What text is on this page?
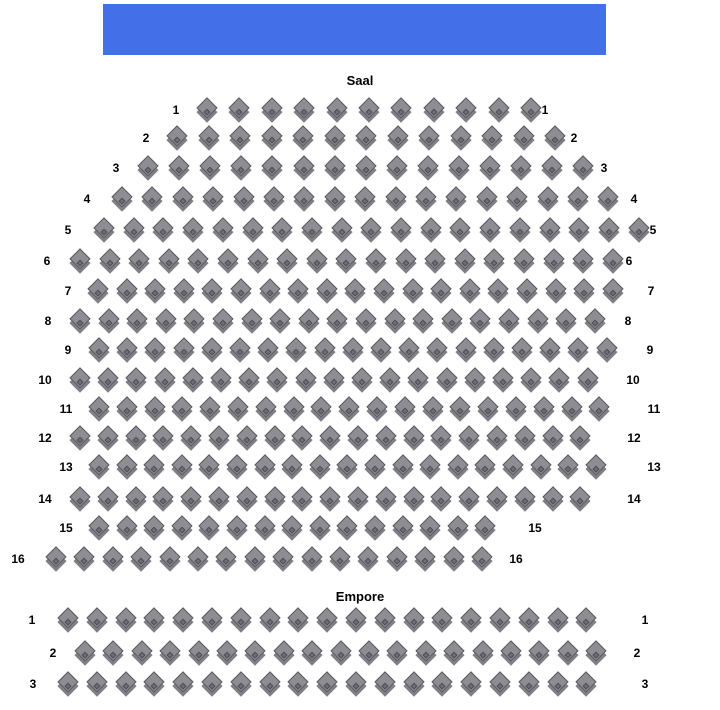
Saal
Empore
1	1
2	2
3	3
4	4
5	5
6	6
7	7
8	8
9	9
10	10
11	11
12	12
13	13
14	14
15	15
16	16
1	1
2	2
3	3
